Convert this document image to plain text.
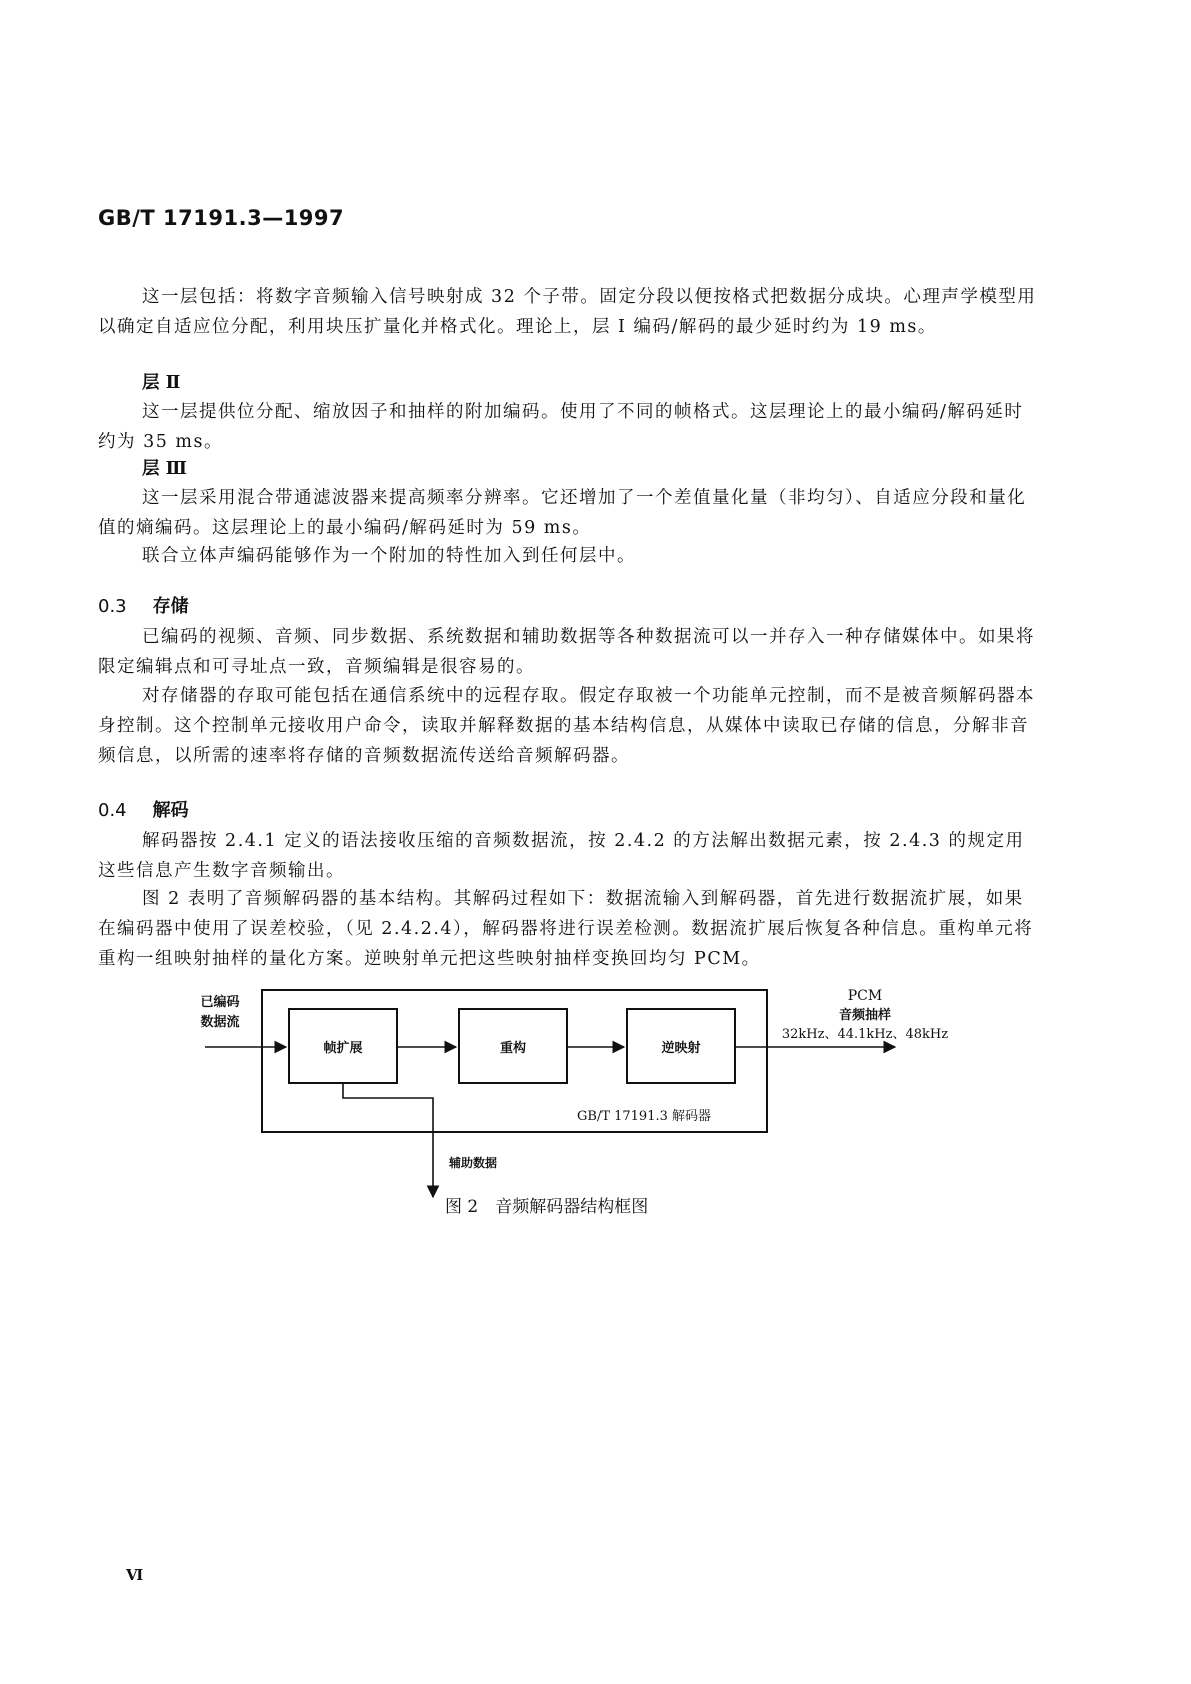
GB/T 17191.3—1997
这一层包括：将数字音频输入信号映射成 32 个子带。固定分段以便按格式把数据分成块。心理声学模型用以确定自适应位分配，利用块压扩量化并格式化。理论上，层 I 编码/解码的最少延时约为 19 ms。
层 Ⅱ
这一层提供位分配、缩放因子和抽样的附加编码。使用了不同的帧格式。这层理论上的最小编码/解码延时约为 35 ms。
层 Ⅲ
这一层采用混合带通滤波器来提高频率分辨率。它还增加了一个差值量化量（非均匀）、自适应分段和量化值的熵编码。这层理论上的最小编码/解码延时为 59 ms。
联合立体声编码能够作为一个附加的特性加入到任何层中。
0.3 存储
已编码的视频、音频、同步数据、系统数据和辅助数据等各种数据流可以一并存入一种存储媒体中。如果将限定编辑点和可寻址点一致，音频编辑是很容易的。
对存储器的存取可能包括在通信系统中的远程存取。假定存取被一个功能单元控制，而不是被音频解码器本身控制。这个控制单元接收用户命令，读取并解释数据的基本结构信息，从媒体中读取已存储的信息，分解非音频信息，以所需的速率将存储的音频数据流传送给音频解码器。
0.4 解码
解码器按 2.4.1 定义的语法接收压缩的音频数据流，按 2.4.2 的方法解出数据元素，按 2.4.3 的规定用这些信息产生数字音频输出。
图 2 表明了音频解码器的基本结构。其解码过程如下：数据流输入到解码器，首先进行数据流扩展，如果在编码器中使用了误差校验，（见 2.4.2.4），解码器将进行误差检测。数据流扩展后恢复各种信息。重构单元将重构一组映射抽样的量化方案。逆映射单元把这些映射抽样变换回均匀 PCM。
已编码
数据流
帧扩展	重构	逆映射
PCM
音频抽样
32kHz、44.1kHz、48kHz
GB/T 17191.3 解码器
辅助数据
图 2　音频解码器结构框图
Ⅵ
